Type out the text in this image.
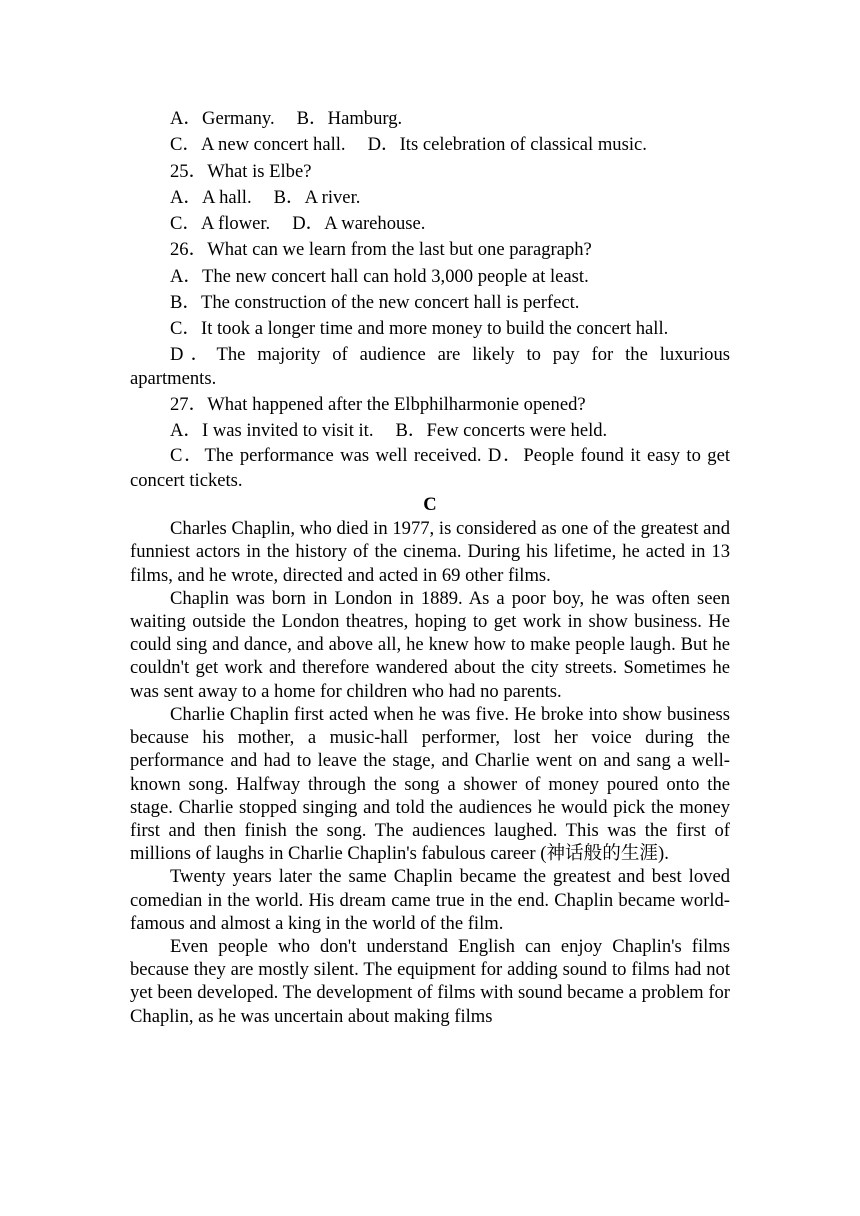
A．Germany. B．Hamburg.

C．A new concert hall. D．Its celebration of classical music.

25．What is Elbe?

A．A hall. B．A river.

C．A flower. D．A warehouse.

26．What can we learn from the last but one paragraph?

A．The new concert hall can hold 3,000 people at least.

B．The construction of the new concert hall is perfect.

C．It took a longer time and more money to build the concert hall.

D．The majority of audience are likely to pay for the luxurious apartments.

27．What happened after the Elbphilharmonie opened?

A．I was invited to visit it. B．Few concerts were held.

C．The performance was well received. D．People found it easy to get concert tickets.

C

Charles Chaplin, who died in 1977, is considered as one of the greatest and funniest actors in the history of the cinema. During his lifetime, he acted in 13 films, and he wrote, directed and acted in 69 other films.

Chaplin was born in London in 1889. As a poor boy, he was often seen waiting outside the London theatres, hoping to get work in show business. He could sing and dance, and above all, he knew how to make people laugh. But he couldn't get work and therefore wandered about the city streets. Sometimes he was sent away to a home for children who had no parents.

Charlie Chaplin first acted when he was five. He broke into show business because his mother, a music-hall performer, lost her voice during the performance and had to leave the stage, and Charlie went on and sang a well-known song. Halfway through the song a shower of money poured onto the stage. Charlie stopped singing and told the audiences he would pick the money first and then finish the song. The audiences laughed. This was the first of millions of laughs in Charlie Chaplin's fabulous career (神话般的生涯).

Twenty years later the same Chaplin became the greatest and best loved comedian in the world. His dream came true in the end. Chaplin became world-famous and almost a king in the world of the film.

Even people who don't understand English can enjoy Chaplin's films because they are mostly silent. The equipment for adding sound to films had not yet been developed. The development of films with sound became a problem for Chaplin, as he was uncertain about making films
